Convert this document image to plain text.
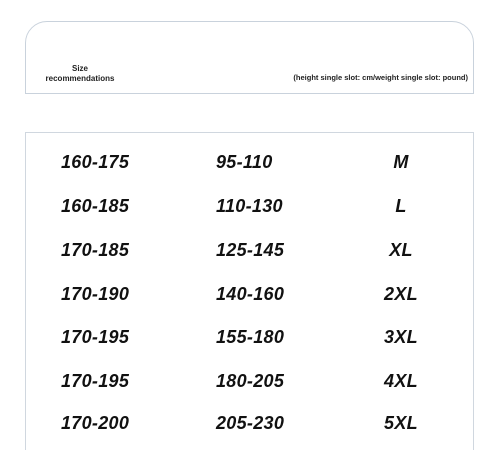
Size
recommendations	(height single slot: cm/weight single slot: pound)
160-175	95-110	M
160-185	110-130	L
170-185	125-145	XL
170-190	140-160	2XL
170-195	155-180	3XL
170-195	180-205	4XL
170-200	205-230	5XL
